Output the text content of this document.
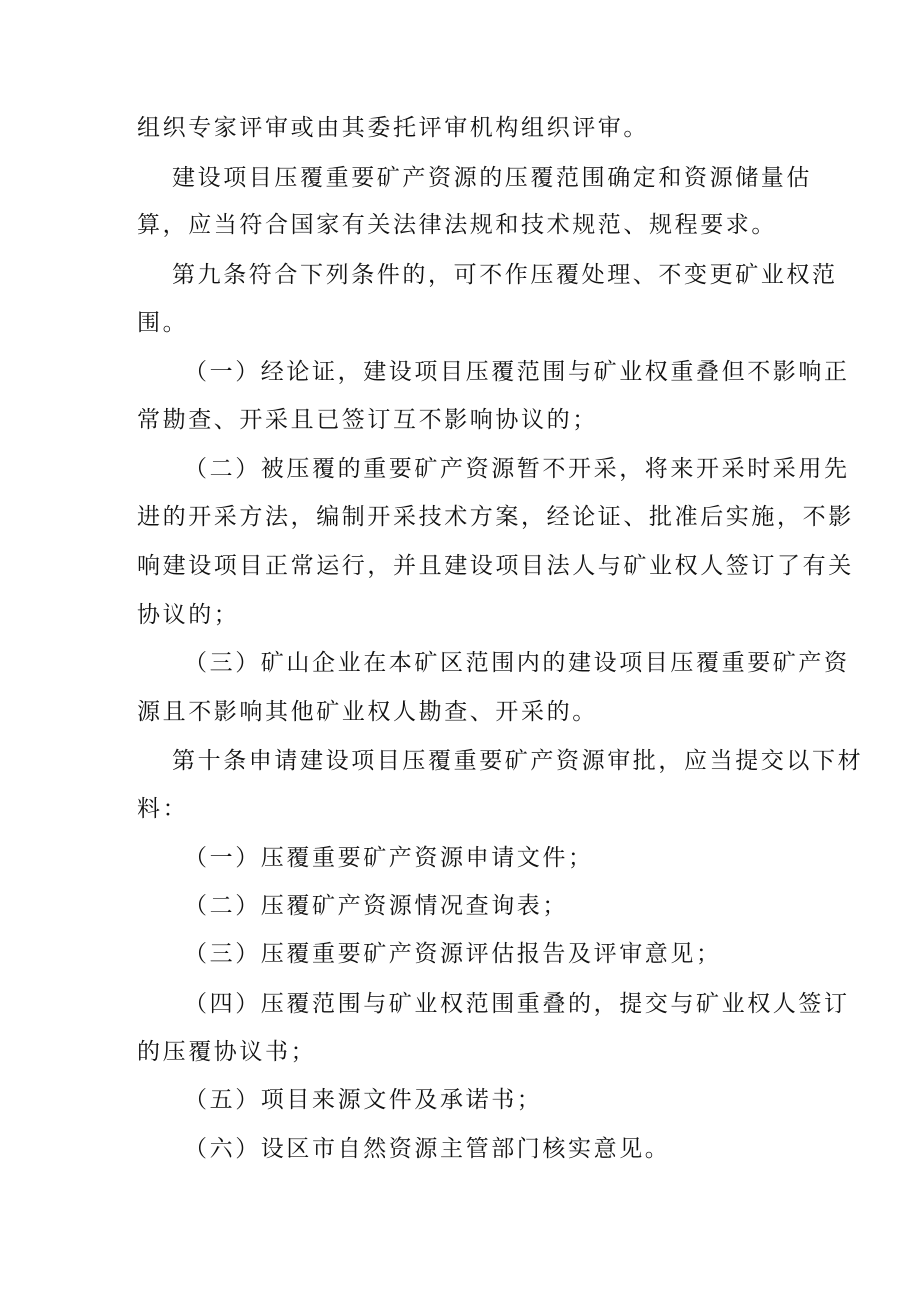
组织专家评审或由其委托评审机构组织评审。
建设项目压覆重要矿产资源的压覆范围确定和资源储量估
算，应当符合国家有关法律法规和技术规范、规程要求。
第九条符合下列条件的，可不作压覆处理、不变更矿业权范
围。
（一）经论证，建设项目压覆范围与矿业权重叠但不影响正
常勘查、开采且已签订互不影响协议的；
（二）被压覆的重要矿产资源暂不开采，将来开采时采用先
进的开采方法，编制开采技术方案，经论证、批准后实施，不影
响建设项目正常运行，并且建设项目法人与矿业权人签订了有关
协议的；
（三）矿山企业在本矿区范围内的建设项目压覆重要矿产资
源且不影响其他矿业权人勘查、开采的。
第十条申请建设项目压覆重要矿产资源审批，应当提交以下材
料：
（一）压覆重要矿产资源申请文件；
（二）压覆矿产资源情况查询表；
（三）压覆重要矿产资源评估报告及评审意见；
（四）压覆范围与矿业权范围重叠的，提交与矿业权人签订
的压覆协议书；
（五）项目来源文件及承诺书；
（六）设区市自然资源主管部门核实意见。
